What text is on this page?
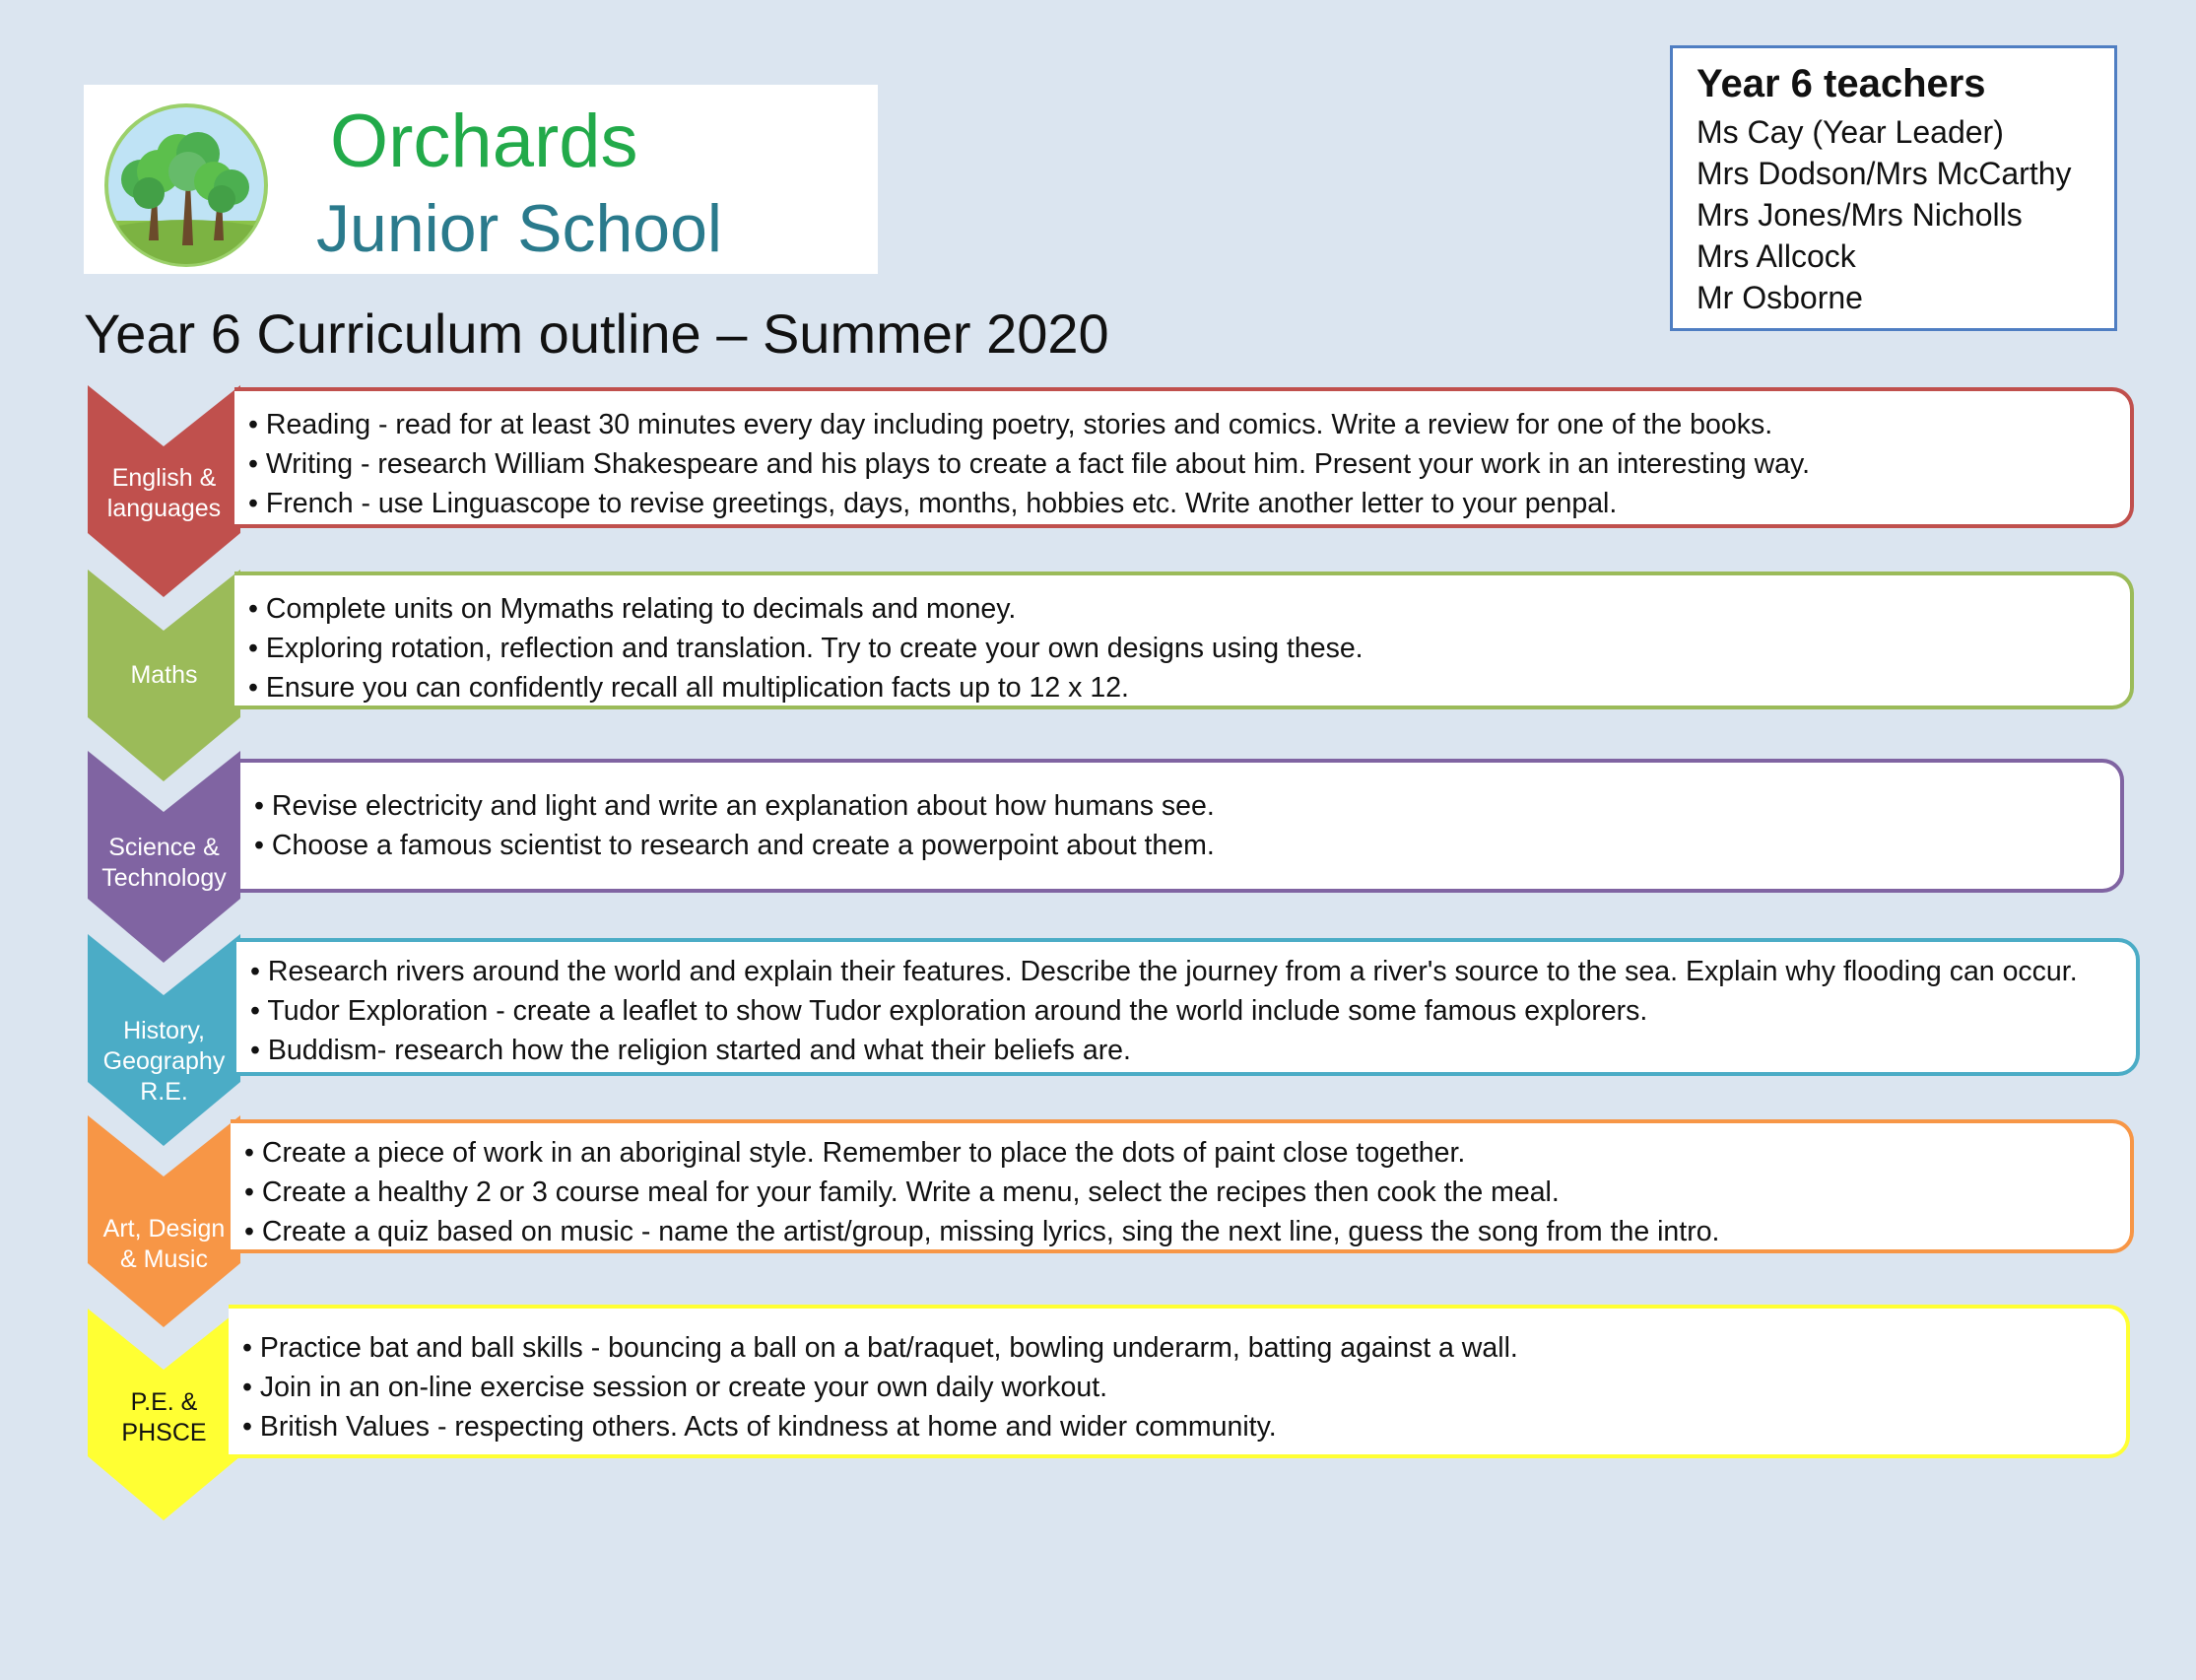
Orchards
Junior School
Year 6 teachers
Ms Cay (Year Leader)
Mrs Dodson/Mrs McCarthy
Mrs Jones/Mrs Nicholls
Mrs Allcock
Mr Osborne
Year 6 Curriculum outline – Summer 2020
English &
languages
• Reading - read for at least 30 minutes every day including poetry, stories and comics. Write a review for one of the books.
• Writing - research William Shakespeare and his plays to create a fact file about him. Present your work in an interesting way.
• French - use Linguascope to revise greetings, days, months, hobbies etc. Write another letter to your penpal.
Maths
• Complete units on Mymaths relating to decimals and money.
• Exploring rotation, reflection and translation. Try to create your own designs using these.
• Ensure you can confidently recall all multiplication facts up to 12 x 12.
Science &
Technology
• Revise electricity and light and write an explanation about how humans see.
• Choose a famous scientist to research and create a powerpoint about them.
History,
Geography
R.E.
• Research rivers around the world and explain their features. Describe the journey from a river's source to the sea. Explain why flooding can occur.
• Tudor Exploration - create a leaflet to show Tudor exploration around the world include some famous explorers.
• Buddism- research how the religion started and what their beliefs are.
Art, Design
& Music
• Create a piece of work in an aboriginal style. Remember to place the dots of paint close together.
• Create a healthy 2 or 3 course meal for your family. Write a menu, select the recipes then cook the meal.
• Create a quiz based on music - name the artist/group, missing lyrics, sing the next line, guess the song from the intro.
P.E. &
PHSCE
• Practice bat and ball skills - bouncing a ball on a bat/raquet, bowling underarm, batting against a wall.
• Join in an on-line exercise session or create your own daily workout.
• British Values - respecting others. Acts of kindness at home and wider community.
